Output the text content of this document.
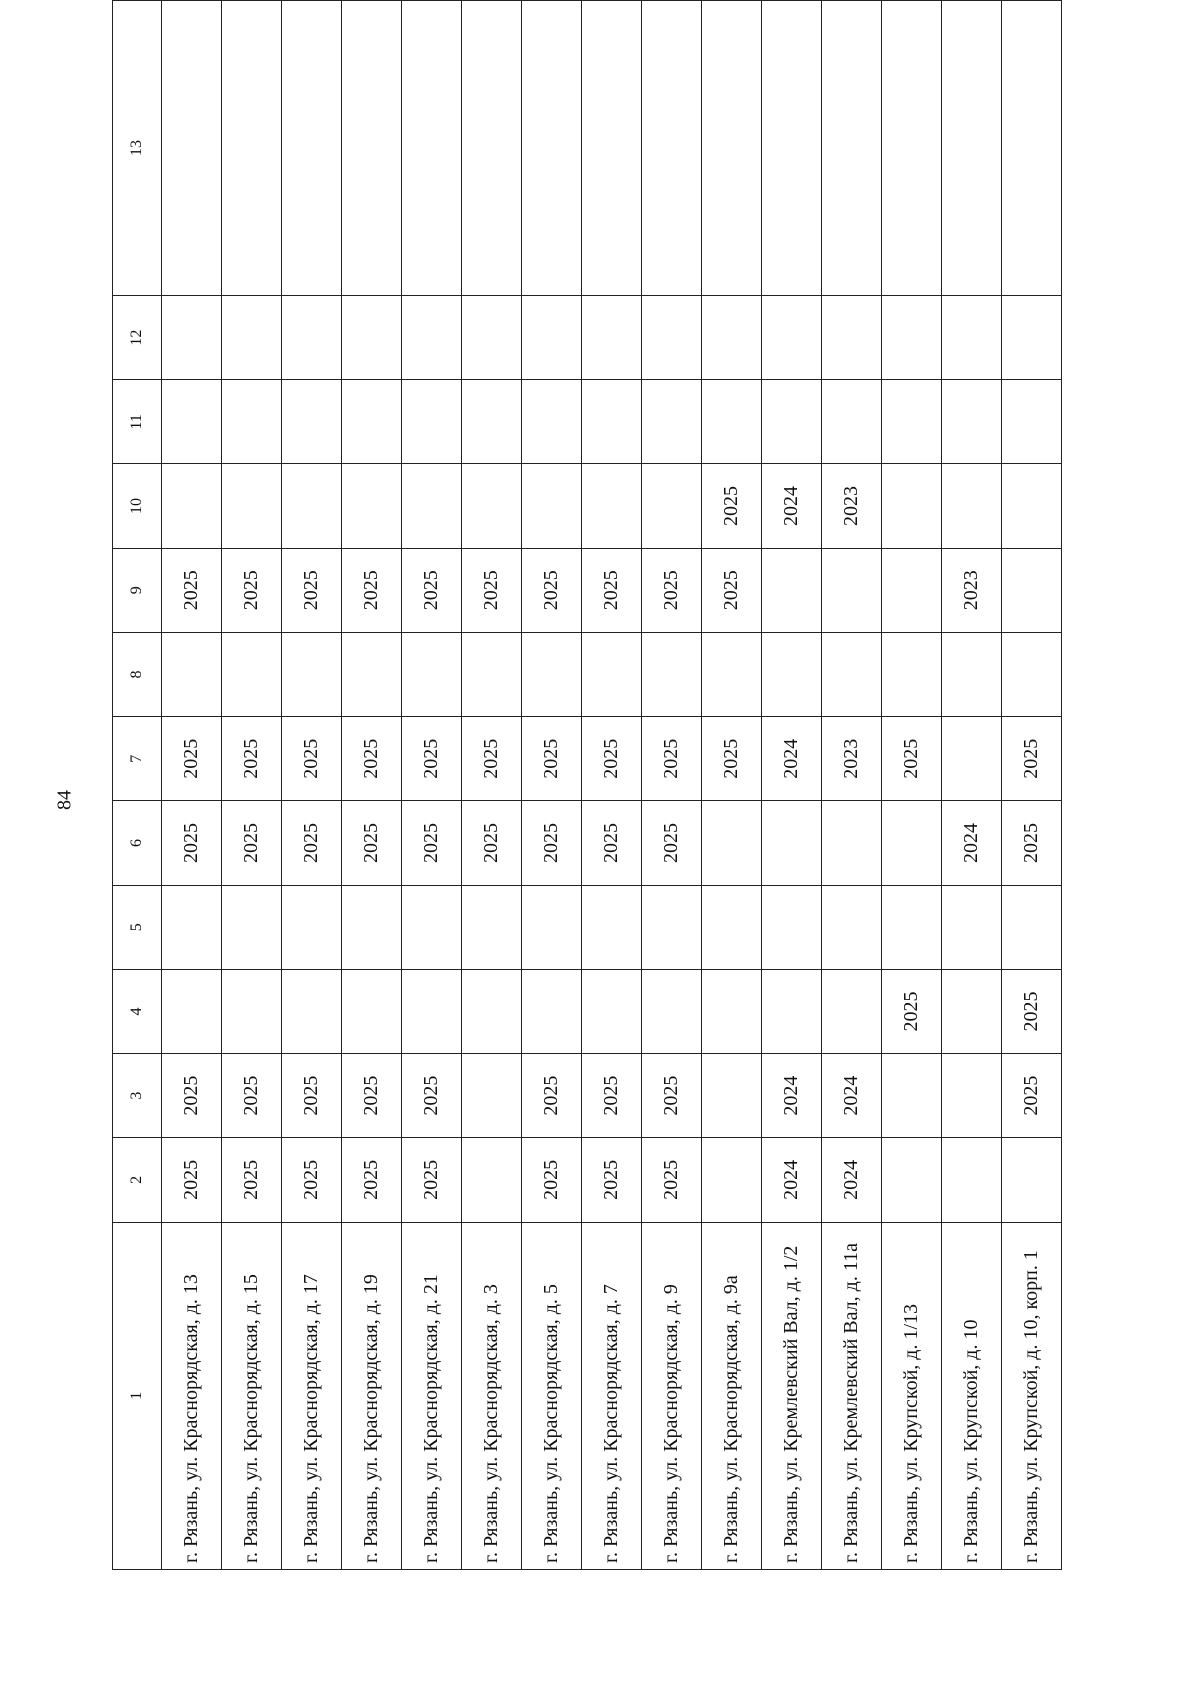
84
1	2	3	4	5	6	7	8	9	10	11	12	13
г. Рязань, ул. Краснорядская, д. 13	2025	2025			2025	2025		2025				
г. Рязань, ул. Краснорядская, д. 15	2025	2025			2025	2025		2025				
г. Рязань, ул. Краснорядская, д. 17	2025	2025			2025	2025		2025				
г. Рязань, ул. Краснорядская, д. 19	2025	2025			2025	2025		2025				
г. Рязань, ул. Краснорядская, д. 21	2025	2025			2025	2025		2025				
г. Рязань, ул. Краснорядская, д. 3					2025	2025		2025				
г. Рязань, ул. Краснорядская, д. 5	2025	2025			2025	2025		2025				
г. Рязань, ул. Краснорядская, д. 7	2025	2025			2025	2025		2025				
г. Рязань, ул. Краснорядская, д. 9	2025	2025			2025	2025		2025				
г. Рязань, ул. Краснорядская, д. 9а						2025		2025	2025			
г. Рязань, ул. Кремлевский Вал, д. 1/2	2024	2024				2024			2024			
г. Рязань, ул. Кремлевский Вал, д. 11а	2024	2024				2023			2023			
г. Рязань, ул. Крупской, д. 1/13			2025			2025						
г. Рязань, ул. Крупской, д. 10					2024			2023				
г. Рязань, ул. Крупской, д. 10, корп. 1		2025	2025		2025	2025						
